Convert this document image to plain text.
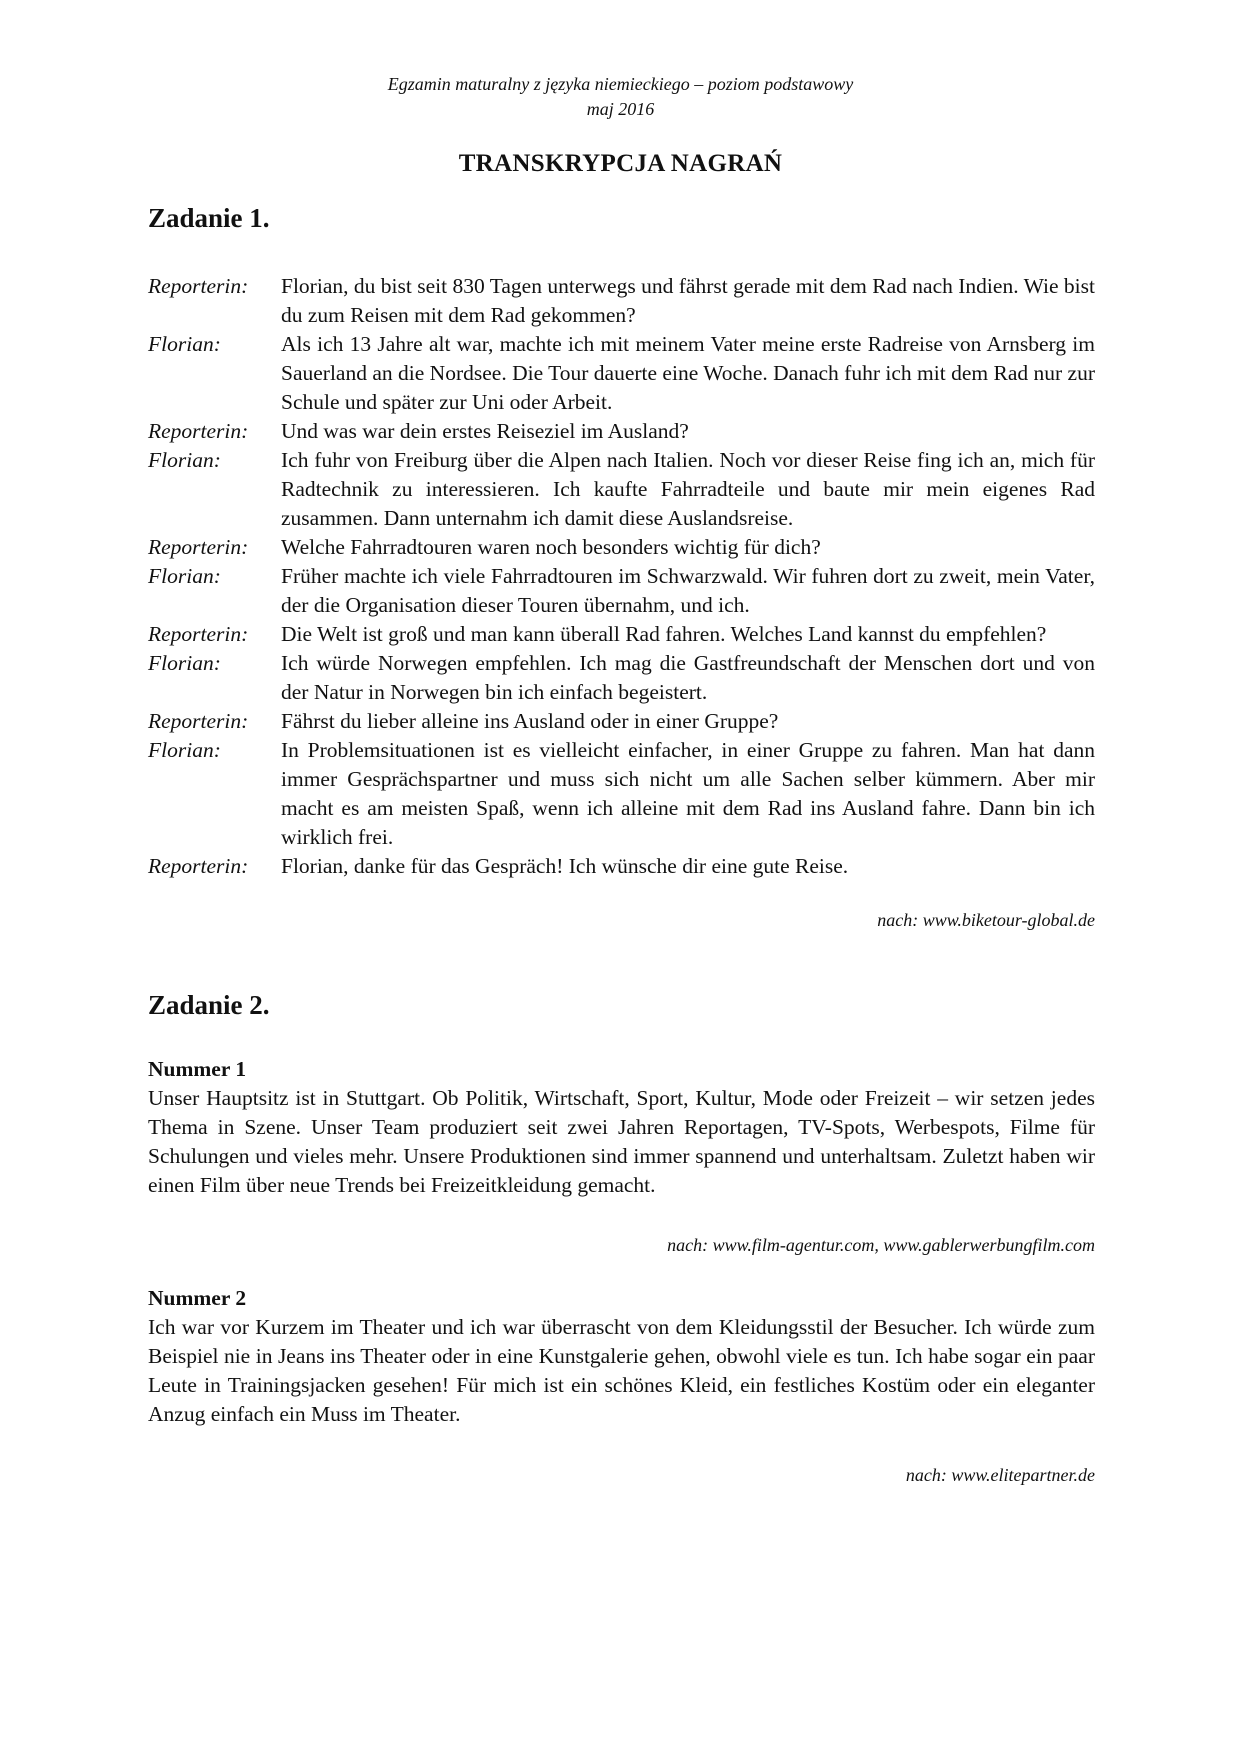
Egzamin maturalny z języka niemieckiego – poziom podstawowy
maj 2016
TRANSKRYPCJA NAGRAŃ
Zadanie 1.
Reporterin:	Florian, du bist seit 830 Tagen unterwegs und fährst gerade mit dem Rad nach Indien. Wie bist du zum Reisen mit dem Rad gekommen?
Florian:	Als ich 13 Jahre alt war, machte ich mit meinem Vater meine erste Radreise von Arnsberg im Sauerland an die Nordsee. Die Tour dauerte eine Woche. Danach fuhr ich mit dem Rad nur zur Schule und später zur Uni oder Arbeit.
Reporterin:	Und was war dein erstes Reiseziel im Ausland?
Florian:	Ich fuhr von Freiburg über die Alpen nach Italien. Noch vor dieser Reise fing ich an, mich für Radtechnik zu interessieren. Ich kaufte Fahrradteile und baute mir mein eigenes Rad zusammen. Dann unternahm ich damit diese Auslandsreise.
Reporterin:	Welche Fahrradtouren waren noch besonders wichtig für dich?
Florian:	Früher machte ich viele Fahrradtouren im Schwarzwald. Wir fuhren dort zu zweit, mein Vater, der die Organisation dieser Touren übernahm, und ich.
Reporterin:	Die Welt ist groß und man kann überall Rad fahren. Welches Land kannst du empfehlen?
Florian:	Ich würde Norwegen empfehlen. Ich mag die Gastfreundschaft der Menschen dort und von der Natur in Norwegen bin ich einfach begeistert.
Reporterin:	Fährst du lieber alleine ins Ausland oder in einer Gruppe?
Florian:	In Problemsituationen ist es vielleicht einfacher, in einer Gruppe zu fahren. Man hat dann immer Gesprächspartner und muss sich nicht um alle Sachen selber kümmern. Aber mir macht es am meisten Spaß, wenn ich alleine mit dem Rad ins Ausland fahre. Dann bin ich wirklich frei.
Reporterin:	Florian, danke für das Gespräch! Ich wünsche dir eine gute Reise.
nach: www.biketour-global.de
Zadanie 2.
Nummer 1
Unser Hauptsitz ist in Stuttgart. Ob Politik, Wirtschaft, Sport, Kultur, Mode oder Freizeit – wir setzen jedes Thema in Szene. Unser Team produziert seit zwei Jahren Reportagen, TV-Spots, Werbespots, Filme für Schulungen und vieles mehr. Unsere Produktionen sind immer spannend und unterhaltsam. Zuletzt haben wir einen Film über neue Trends bei Freizeitkleidung gemacht.
nach: www.film-agentur.com, www.gablerwerbungfilm.com
Nummer 2
Ich war vor Kurzem im Theater und ich war überrascht von dem Kleidungsstil der Besucher. Ich würde zum Beispiel nie in Jeans ins Theater oder in eine Kunstgalerie gehen, obwohl viele es tun. Ich habe sogar ein paar Leute in Trainingsjacken gesehen! Für mich ist ein schönes Kleid, ein festliches Kostüm oder ein eleganter Anzug einfach ein Muss im Theater.
nach: www.elitepartner.de
